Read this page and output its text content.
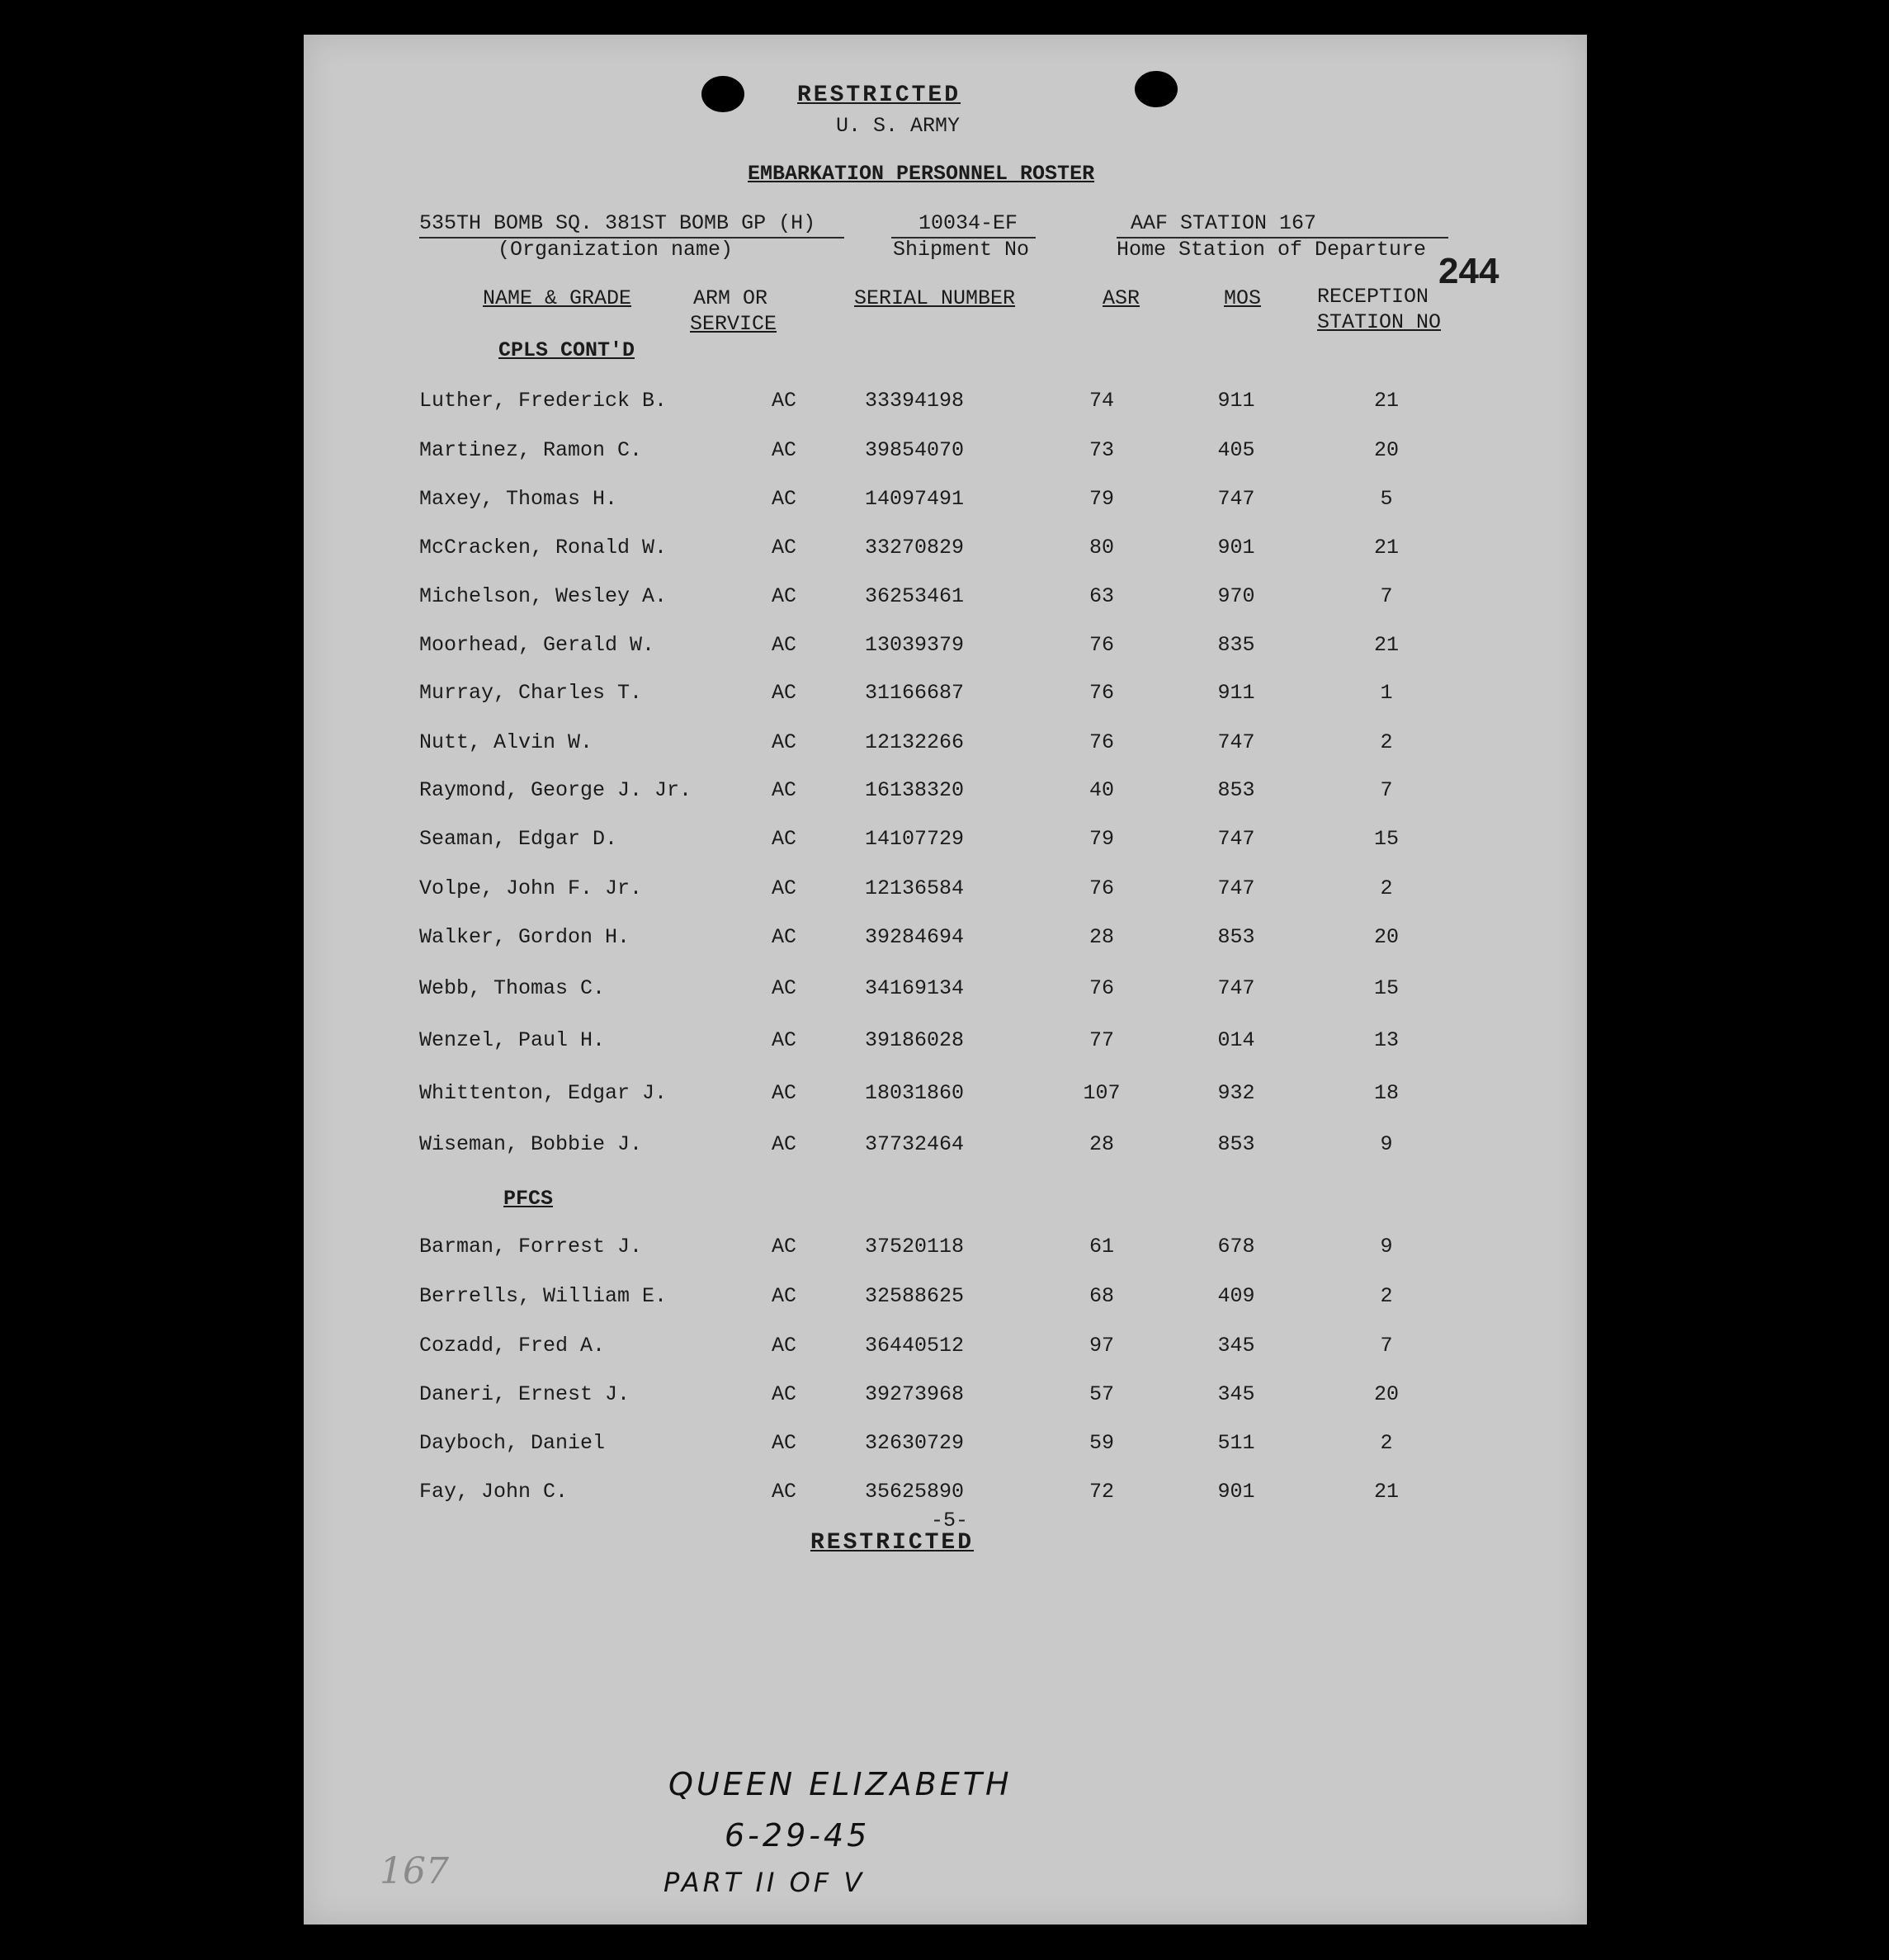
RESTRICTED
U. S. ARMY
EMBARKATION PERSONNEL ROSTER
535TH BOMB SQ. 381ST BOMB GP (H)
(Organization name)
10034-EF
Shipment No
AAF STATION 167
Home Station of Departure
244
NAME & GRADE	ARM OR
SERVICE
SERIAL NUMBER	ASR	MOS	RECEPTION
STATION NO
CPLS CONT'D
Luther, Frederick B.	AC	33394198	74	911	21
Martinez, Ramon C.	AC	39854070	73	405	20
Maxey, Thomas H.	AC	14097491	79	747	5
McCracken, Ronald W.	AC	33270829	80	901	21
Michelson, Wesley A.	AC	36253461	63	970	7
Moorhead, Gerald W.	AC	13039379	76	835	21
Murray, Charles T.	AC	31166687	76	911	1
Nutt, Alvin W.	AC	12132266	76	747	2
Raymond, George J. Jr.	AC	16138320	40	853	7
Seaman, Edgar D.	AC	14107729	79	747	15
Volpe, John F. Jr.	AC	12136584	76	747	2
Walker, Gordon H.	AC	39284694	28	853	20
Webb, Thomas C.	AC	34169134	76	747	15
Wenzel, Paul H.	AC	39186028	77	014	13
Whittenton, Edgar J.	AC	18031860	107	932	18
Wiseman, Bobbie J.	AC	37732464	28	853	9
PFCS
Barman, Forrest J.	AC	37520118	61	678	9
Berrells, William E.	AC	32588625	68	409	2
Cozadd, Fred A.	AC	36440512	97	345	7
Daneri, Ernest J.	AC	39273968	57	345	20
Dayboch, Daniel	AC	32630729	59	511	2
Fay, John C.	AC	35625890	72	901	21
-5-
RESTRICTED
QUEEN ELIZABETH
6-29-45
PART II OF V
167
